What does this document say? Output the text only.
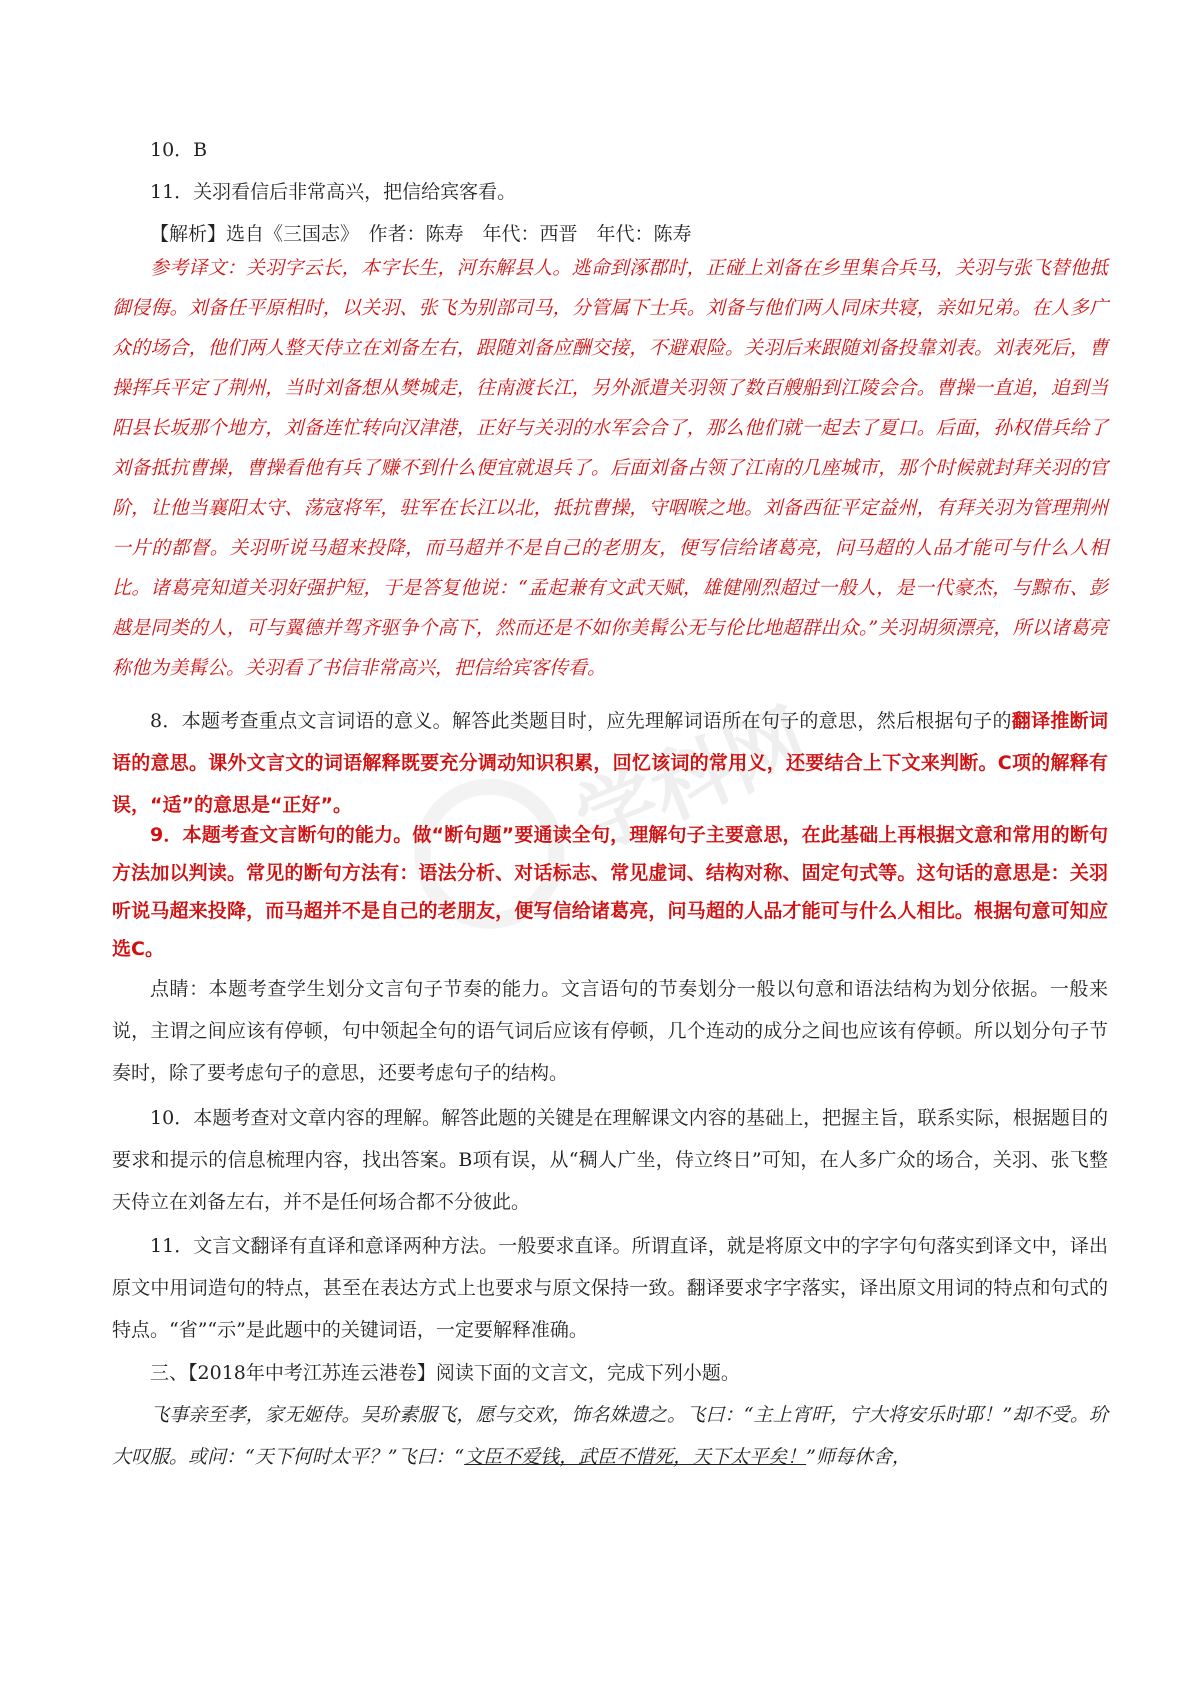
学科网

10．B

11．关羽看信后非常高兴，把信给宾客看。

【解析】选自《三国志》　作者：陈寿　年代：西晋　年代：陈寿

参考译文：关羽字云长，本字长生，河东解县人。逃命到涿郡时，正碰上刘备在乡里集合兵马，关羽与张飞替他抵御侵侮。刘备任平原相时，以关羽、张飞为别部司马，分管属下士兵。刘备与他们两人同床共寝，亲如兄弟。在人多广众的场合，他们两人整天侍立在刘备左右，跟随刘备应酬交接，不避艰险。关羽后来跟随刘备投靠刘表。刘表死后，曹操挥兵平定了荆州，当时刘备想从樊城走，往南渡长江，另外派遣关羽领了数百艘船到江陵会合。曹操一直追，追到当阳县长坂那个地方，刘备连忙转向汉津港，正好与关羽的水军会合了，那么他们就一起去了夏口。后面，孙权借兵给了刘备抵抗曹操，曹操看他有兵了赚不到什么便宜就退兵了。后面刘备占领了江南的几座城市，那个时候就封拜关羽的官阶，让他当襄阳太守、荡寇将军，驻军在长江以北，抵抗曹操，守咽喉之地。刘备西征平定益州，有拜关羽为管理荆州一片的都督。关羽听说马超来投降，而马超并不是自己的老朋友，便写信给诸葛亮，问马超的人品才能可与什么人相比。诸葛亮知道关羽好强护短，于是答复他说：“孟起兼有文武天赋，雄健刚烈超过一般人，是一代豪杰，与黥布、彭越是同类的人，可与翼德并驾齐驱争个高下，然而还是不如你美髯公无与伦比地超群出众。”关羽胡须漂亮，所以诸葛亮称他为美髯公。关羽看了书信非常高兴，把信给宾客传看。

8．本题考查重点文言词语的意义。解答此类题目时，应先理解词语所在句子的意思，然后根据句子的翻译推断词语的意思。课外文言文的词语解释既要充分调动知识积累，回忆该词的常用义，还要结合上下文来判断。C项的解释有误，“适”的意思是“正好”。

9．本题考查文言断句的能力。做“断句题”要通读全句，理解句子主要意思，在此基础上再根据文意和常用的断句方法加以判读。常见的断句方法有：语法分析、对话标志、常见虚词、结构对称、固定句式等。这句话的意思是：关羽听说马超来投降，而马超并不是自己的老朋友，便写信给诸葛亮，问马超的人品才能可与什么人相比。根据句意可知应选C。

点睛：本题考查学生划分文言句子节奏的能力。文言语句的节奏划分一般以句意和语法结构为划分依据。一般来说，主谓之间应该有停顿，句中领起全句的语气词后应该有停顿，几个连动的成分之间也应该有停顿。所以划分句子节奏时，除了要考虑句子的意思，还要考虑句子的结构。

10．本题考查对文章内容的理解。解答此题的关键是在理解课文内容的基础上，把握主旨，联系实际，根据题目的要求和提示的信息梳理内容，找出答案。B项有误，从“稠人广坐，侍立终日”可知，在人多广众的场合，关羽、张飞整天侍立在刘备左右，并不是任何场合都不分彼此。

11．文言文翻译有直译和意译两种方法。一般要求直译。所谓直译，就是将原文中的字字句句落实到译文中，译出原文中用词造句的特点，甚至在表达方式上也要求与原文保持一致。翻译要求字字落实，译出原文用词的特点和句式的特点。“省”“示”是此题中的关键词语，一定要解释准确。

三、【2018年中考江苏连云港卷】阅读下面的文言文，完成下列小题。

飞事亲至孝，家无姬侍。吴玠素服飞，愿与交欢，饰名姝遗之。飞曰：“主上宵旰，宁大将安乐时耶！”却不受。玠大叹服。或问：“天下何时太平？”飞曰：“文臣不爱钱，武臣不惜死，天下太平矣！”师每休舍，
